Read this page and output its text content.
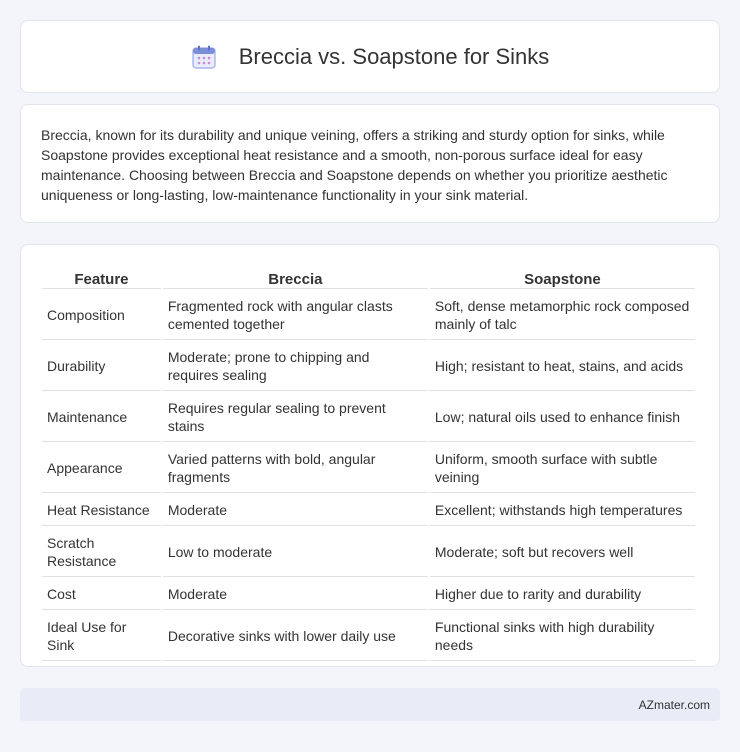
Breccia vs. Soapstone for Sinks

Breccia, known for its durability and unique veining, offers a striking and sturdy option for sinks, while Soapstone provides exceptional heat resistance and a smooth, non-porous surface ideal for easy maintenance. Choosing between Breccia and Soapstone depends on whether you prioritize aesthetic uniqueness or long-lasting, low-maintenance functionality in your sink material.

Feature	Breccia	Soapstone
Composition	Fragmented rock with angular clasts cemented together	Soft, dense metamorphic rock composed mainly of talc
Durability	Moderate; prone to chipping and requires sealing	High; resistant to heat, stains, and acids
Maintenance	Requires regular sealing to prevent stains	Low; natural oils used to enhance finish
Appearance	Varied patterns with bold, angular fragments	Uniform, smooth surface with subtle veining
Heat Resistance	Moderate	Excellent; withstands high temperatures
Scratch Resistance	Low to moderate	Moderate; soft but recovers well
Cost	Moderate	Higher due to rarity and durability
Ideal Use for Sink	Decorative sinks with lower daily use	Functional sinks with high durability needs
AZmater.com
